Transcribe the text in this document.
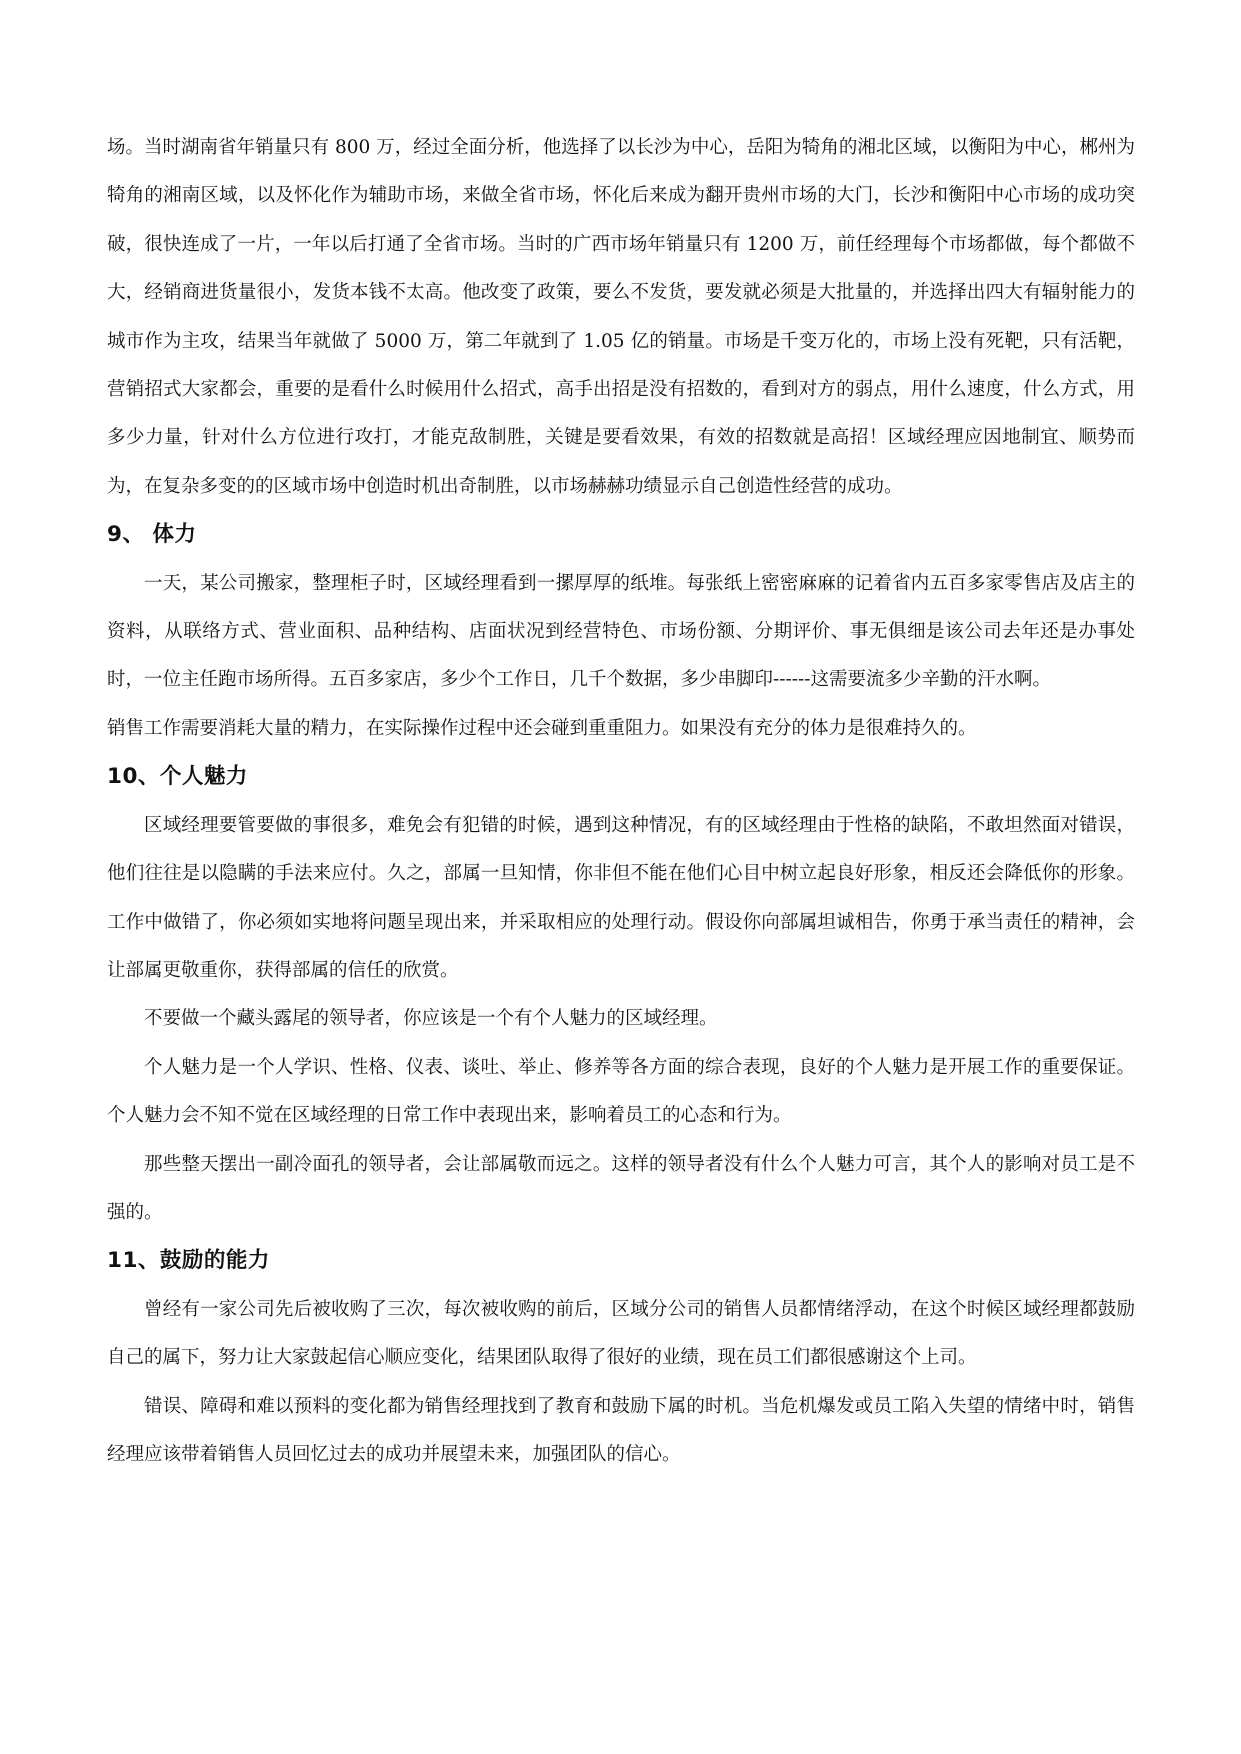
场。当时湖南省年销量只有 800 万，经过全面分析，他选择了以长沙为中心，岳阳为犄角的湘北区域，以衡阳为中心，郴州为犄角的湘南区域，以及怀化作为辅助市场，来做全省市场，怀化后来成为翻开贵州市场的大门，长沙和衡阳中心市场的成功突破，很快连成了一片，一年以后打通了全省市场。当时的广西市场年销量只有 1200 万，前任经理每个市场都做，每个都做不大，经销商进货量很小，发货本钱不太高。他改变了政策，要么不发货，要发就必须是大批量的，并选择出四大有辐射能力的城市作为主攻，结果当年就做了 5000 万，第二年就到了 1.05 亿的销量。市场是千变万化的，市场上没有死靶，只有活靶，营销招式大家都会，重要的是看什么时候用什么招式，高手出招是没有招数的，看到对方的弱点，用什么速度，什么方式，用多少力量，针对什么方位进行攻打，才能克敌制胜，关键是要看效果，有效的招数就是高招！区域经理应因地制宜、顺势而为，在复杂多变的的区域市场中创造时机出奇制胜，以市场赫赫功绩显示自己创造性经营的成功。

9、 体力

一天，某公司搬家，整理柜子时，区域经理看到一摞厚厚的纸堆。每张纸上密密麻麻的记着省内五百多家零售店及店主的资料，从联络方式、营业面积、品种结构、店面状况到经营特色、市场份额、分期评价、事无俱细是该公司去年还是办事处时，一位主任跑市场所得。五百多家店，多少个工作日，几千个数据，多少串脚印------这需要流多少辛勤的汗水啊。

销售工作需要消耗大量的精力，在实际操作过程中还会碰到重重阻力。如果没有充分的体力是很难持久的。

10、个人魅力

区域经理要管要做的事很多，难免会有犯错的时候，遇到这种情况，有的区域经理由于性格的缺陷，不敢坦然面对错误，他们往往是以隐瞒的手法来应付。久之，部属一旦知情，你非但不能在他们心目中树立起良好形象，相反还会降低你的形象。工作中做错了，你必须如实地将问题呈现出来，并采取相应的处理行动。假设你向部属坦诚相告，你勇于承当责任的精神，会让部属更敬重你，获得部属的信任的欣赏。

不要做一个藏头露尾的领导者，你应该是一个有个人魅力的区域经理。

个人魅力是一个人学识、性格、仪表、谈吐、举止、修养等各方面的综合表现，良好的个人魅力是开展工作的重要保证。个人魅力会不知不觉在区域经理的日常工作中表现出来，影响着员工的心态和行为。

那些整天摆出一副冷面孔的领导者，会让部属敬而远之。这样的领导者没有什么个人魅力可言，其个人的影响对员工是不强的。

11、鼓励的能力

曾经有一家公司先后被收购了三次，每次被收购的前后，区域分公司的销售人员都情绪浮动，在这个时候区域经理都鼓励自己的属下，努力让大家鼓起信心顺应变化，结果团队取得了很好的业绩，现在员工们都很感谢这个上司。

错误、障碍和难以预料的变化都为销售经理找到了教育和鼓励下属的时机。当危机爆发或员工陷入失望的情绪中时，销售经理应该带着销售人员回忆过去的成功并展望未来，加强团队的信心。
